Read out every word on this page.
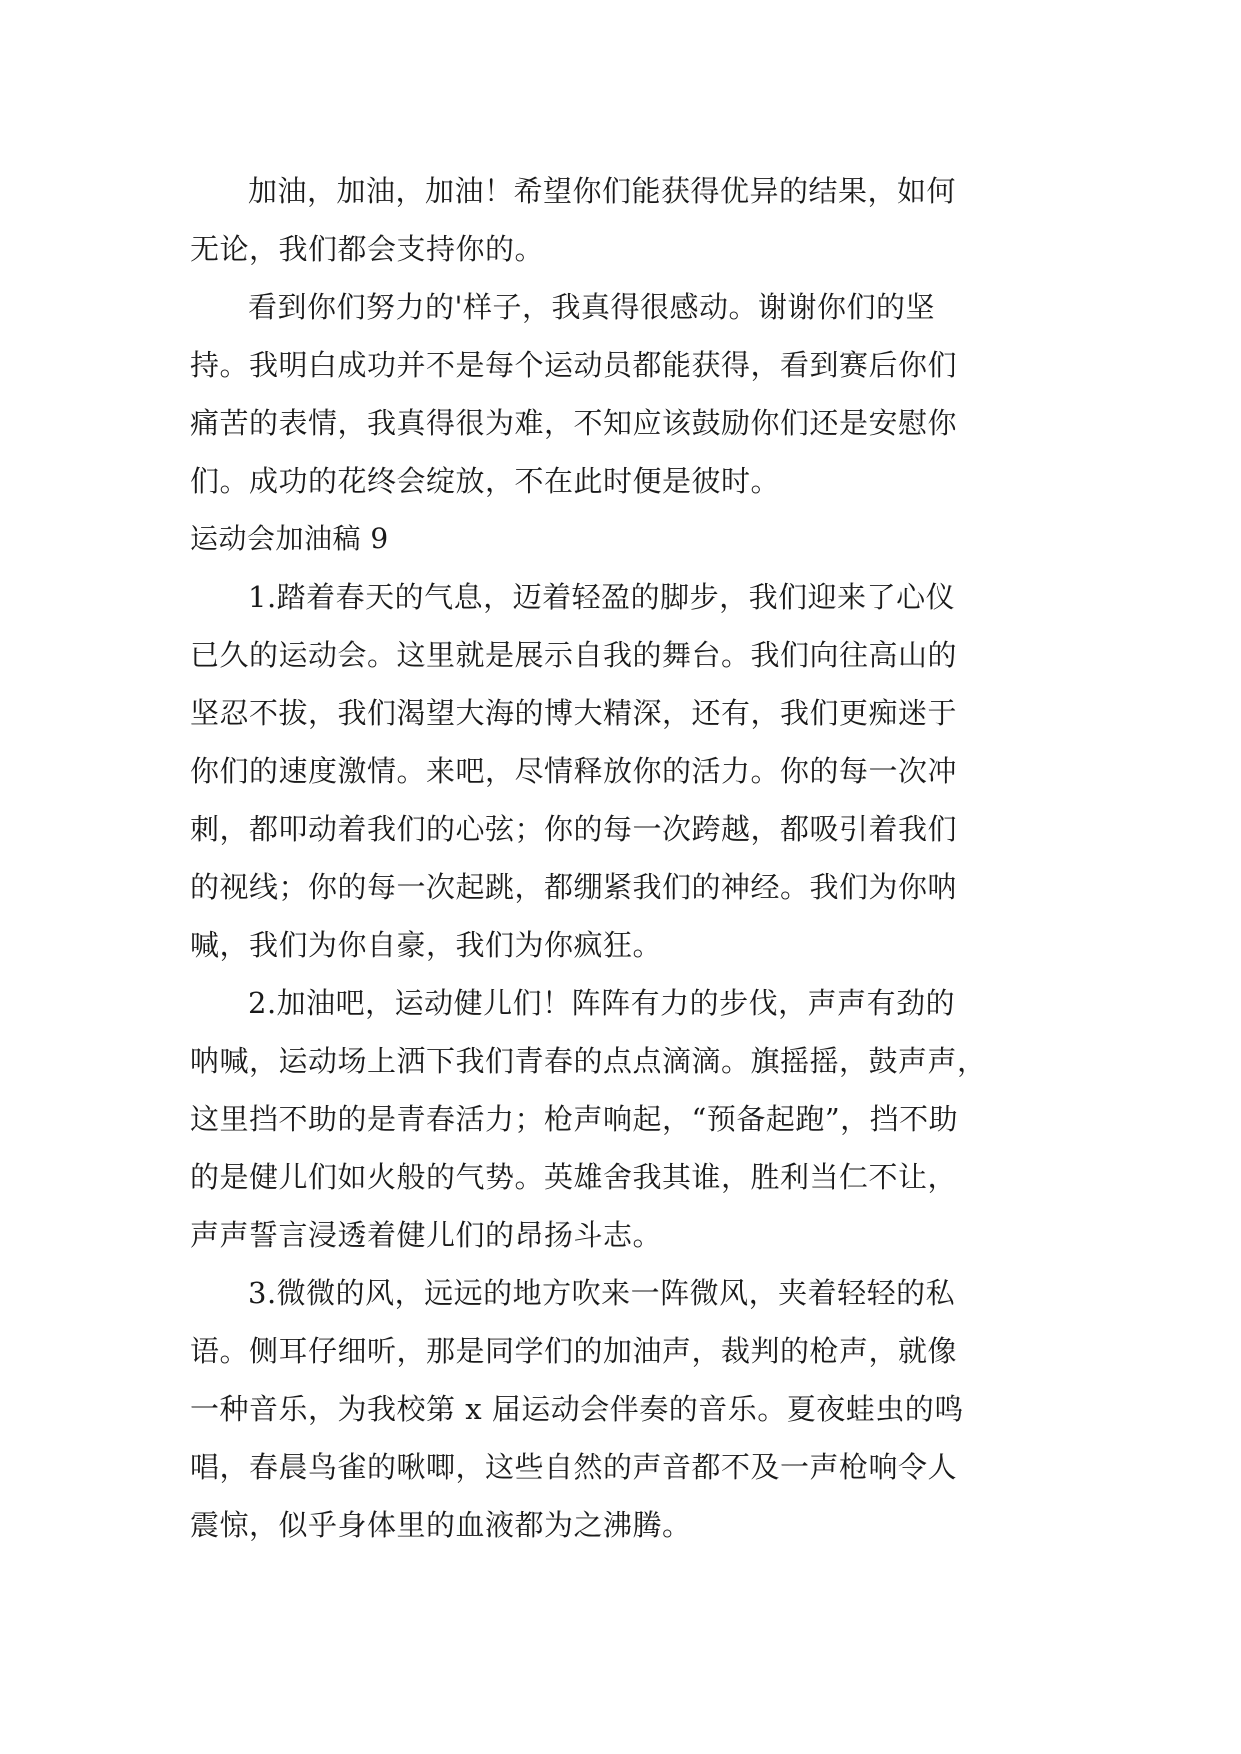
加油，加油，加油！希望你们能获得优异的结果，如何
无论，我们都会支持你的。

看到你们努力的'样子，我真得很感动。谢谢你们的坚
持。我明白成功并不是每个运动员都能获得，看到赛后你们
痛苦的表情，我真得很为难，不知应该鼓励你们还是安慰你
们。成功的花终会绽放，不在此时便是彼时。

运动会加油稿 9

1.踏着春天的气息，迈着轻盈的脚步，我们迎来了心仪
已久的运动会。这里就是展示自我的舞台。我们向往高山的
坚忍不拔，我们渴望大海的博大精深，还有，我们更痴迷于
你们的速度激情。来吧，尽情释放你的活力。你的每一次冲
刺，都叩动着我们的心弦；你的每一次跨越，都吸引着我们
的视线；你的每一次起跳，都绷紧我们的神经。我们为你呐
喊，我们为你自豪，我们为你疯狂。

2.加油吧，运动健儿们！阵阵有力的步伐，声声有劲的
呐喊，运动场上洒下我们青春的点点滴滴。旗摇摇，鼓声声，
这里挡不助的是青春活力；枪声响起，“预备起跑”，挡不助
的是健儿们如火般的气势。英雄舍我其谁，胜利当仁不让，
声声誓言浸透着健儿们的昂扬斗志。

3.微微的风，远远的地方吹来一阵微风，夹着轻轻的私
语。侧耳仔细听，那是同学们的加油声，裁判的枪声，就像
一种音乐，为我校第 x 届运动会伴奏的音乐。夏夜蛙虫的鸣
唱，春晨鸟雀的啾唧，这些自然的声音都不及一声枪响令人
震惊，似乎身体里的血液都为之沸腾。
